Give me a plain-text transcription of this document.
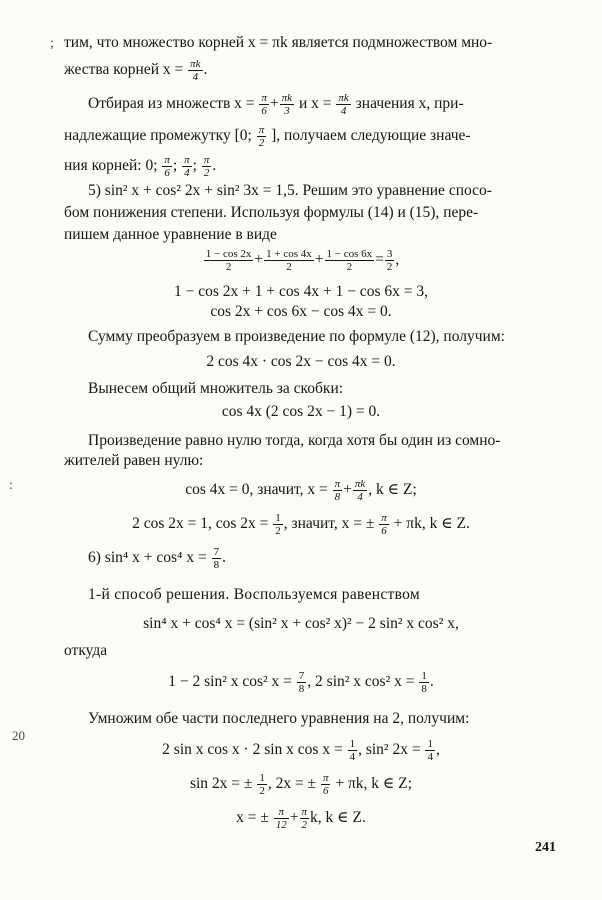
;
:
20
тим, что множество корней x = πk является подмножеством мно-
жества корней $x = \frac{\pi k}{4}$ .
Отбирая из множеств $x = \frac{\pi}{6} + \frac{\pi k}{3}$ и $x = \frac{\pi k}{4}$ значения x, при-
надлежащие промежутку [0; $\frac{\pi}{2}$ ], получаем следующие значе-
ния корней: 0; $\frac{\pi}{6}$ ; $\frac{\pi}{4}$ ; $\frac{\pi}{2}$ .
5) sin² x + cos² 2x + sin² 3x = 1,5. Решим это уравнение спосо-
бом понижения степени. Используя формулы (14) и (15), пере-
пишем данное уравнение в виде
$\frac{1 - \cos 2x}{2} + \frac{1 + \cos 4x}{2} + \frac{1 - \cos 6x}{2} = \frac{3}{2}$ ,
1 − cos 2x + 1 + cos 4x + 1 − cos 6x = 3,
cos 2x + cos 6x − cos 4x = 0.
Сумму преобразуем в произведение по формуле (12), получим:
2 cos 4x · cos 2x − cos 4x = 0.
Вынесем общий множитель за скобки:
cos 4x (2 cos 2x − 1) = 0.
Произведение равно нулю тогда, когда хотя бы один из сомно-
жителей равен нулю:
cos 4x = 0, значит, $x = \frac{\pi}{8} + \frac{\pi k}{4}$ , k ∈ Z;
2 cos 2x = 1, $\cos 2x = \frac{1}{2}$ , значит, x = ± $\frac{\pi}{6} + \pi k$, k ∈ Z.
6) sin⁴ x + cos⁴ $x = \frac{7}{8}$ .
1-й способ решения. Воспользуемся равенством
sin⁴ x + cos⁴ x = (sin² x + cos² x)² − 2 sin² x cos² x,
откуда
1 − 2 sin² x cos² $x = \frac{7}{8}$ , 2 sin² x cos² $x = \frac{1}{8}$ .
Умножим обе части последнего уравнения на 2, получим:
2 sin x cos x · 2 sin x $\cos x = \frac{1}{4}$ , sin² $2x = \frac{1}{4}$ ,
sin 2x = ± $\frac{1}{2}$ , 2x = ± $\frac{\pi}{6} + \pi k$, k ∈ Z;
x = ± $\frac{\pi}{12} + \frac{\pi}{2} k$, k ∈ Z.
241
